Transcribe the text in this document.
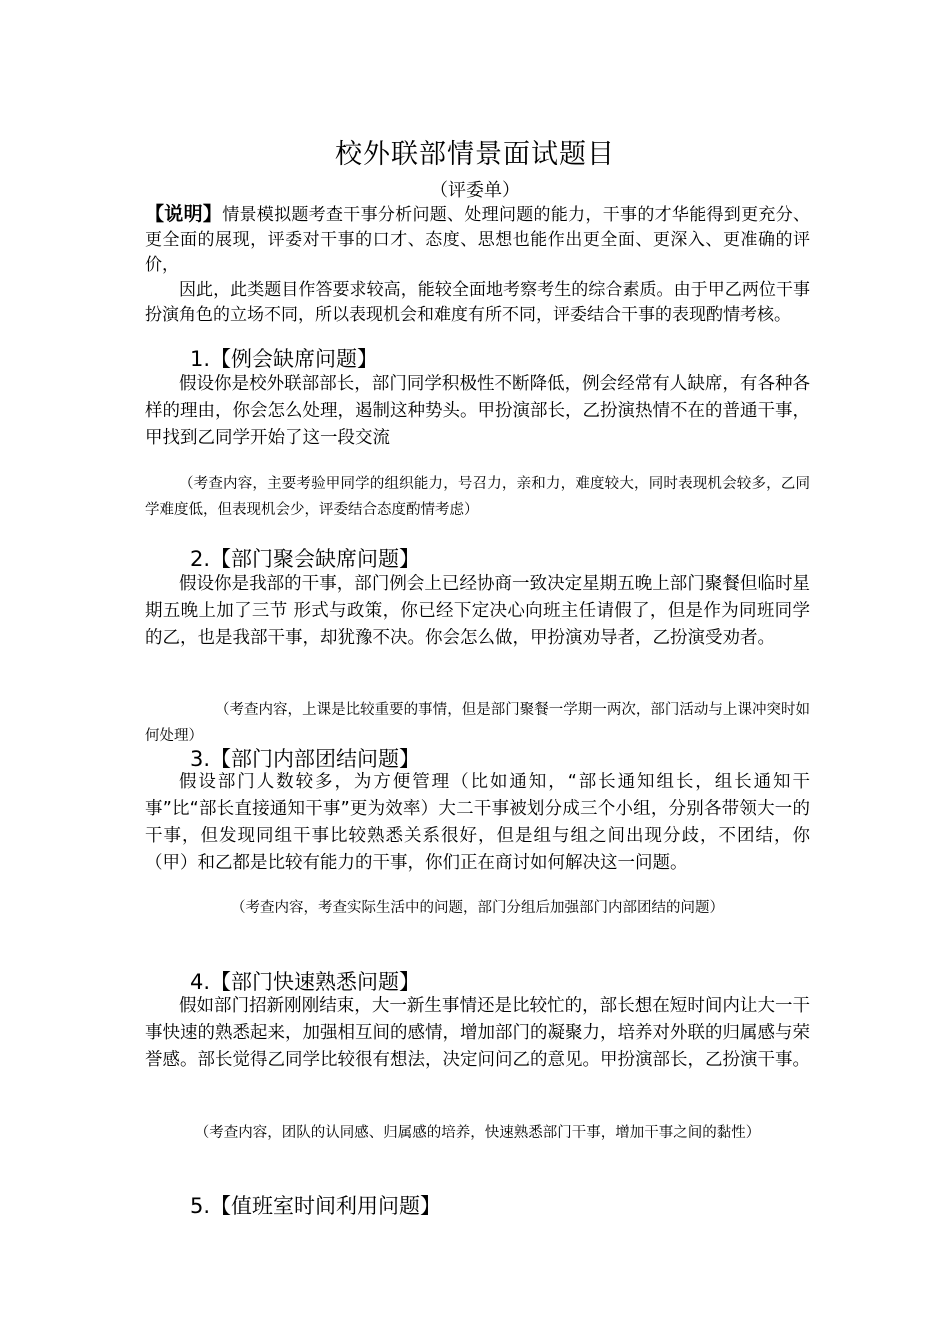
校外联部情景面试题目
（评委单）

【说明】情景模拟题考查干事分析问题、处理问题的能力，干事的才华能得到更充分、更全面的展现，评委对干事的口才、态度、思想也能作出更全面、更深入、更准确的评价，

因此，此类题目作答要求较高，能较全面地考察考生的综合素质。由于甲乙两位干事扮演角色的立场不同，所以表现机会和难度有所不同，评委结合干事的表现酌情考核。

1.【例会缺席问题】
假设你是校外联部部长，部门同学积极性不断降低，例会经常有人缺席，有各种各样的理由，你会怎么处理，遏制这种势头。甲扮演部长，乙扮演热情不在的普通干事，甲找到乙同学开始了这一段交流
（考查内容，主要考验甲同学的组织能力，号召力，亲和力，难度较大，同时表现机会较多，乙同学难度低，但表现机会少，评委结合态度酌情考虑）
2.【部门聚会缺席问题】
假设你是我部的干事，部门例会上已经协商一致决定星期五晚上部门聚餐但临时星期五晚上加了三节 形式与政策，你已经下定决心向班主任请假了，但是作为同班同学的乙，也是我部干事，却犹豫不决。你会怎么做，甲扮演劝导者，乙扮演受劝者。
（考查内容，上课是比较重要的事情，但是部门聚餐一学期一两次，部门活动与上课冲突时如何处理）
3.【部门内部团结问题】
假设部门人数较多，为方便管理（比如通知，“部长通知组长，组长通知干事”比“部长直接通知干事”更为效率）大二干事被划分成三个小组，分别各带领大一的干事，但发现同组干事比较熟悉关系很好，但是组与组之间出现分歧，不团结，你（甲）和乙都是比较有能力的干事，你们正在商讨如何解决这一问题。
（考查内容，考查实际生活中的问题，部门分组后加强部门内部团结的问题）
4.【部门快速熟悉问题】
假如部门招新刚刚结束，大一新生事情还是比较忙的，部长想在短时间内让大一干事快速的熟悉起来，加强相互间的感情，增加部门的凝聚力，培养对外联的归属感与荣誉感。部长觉得乙同学比较很有想法，决定问问乙的意见。甲扮演部长，乙扮演干事。
（考查内容，团队的认同感、归属感的培养，快速熟悉部门干事，增加干事之间的黏性）
5.【值班室时间利用问题】
